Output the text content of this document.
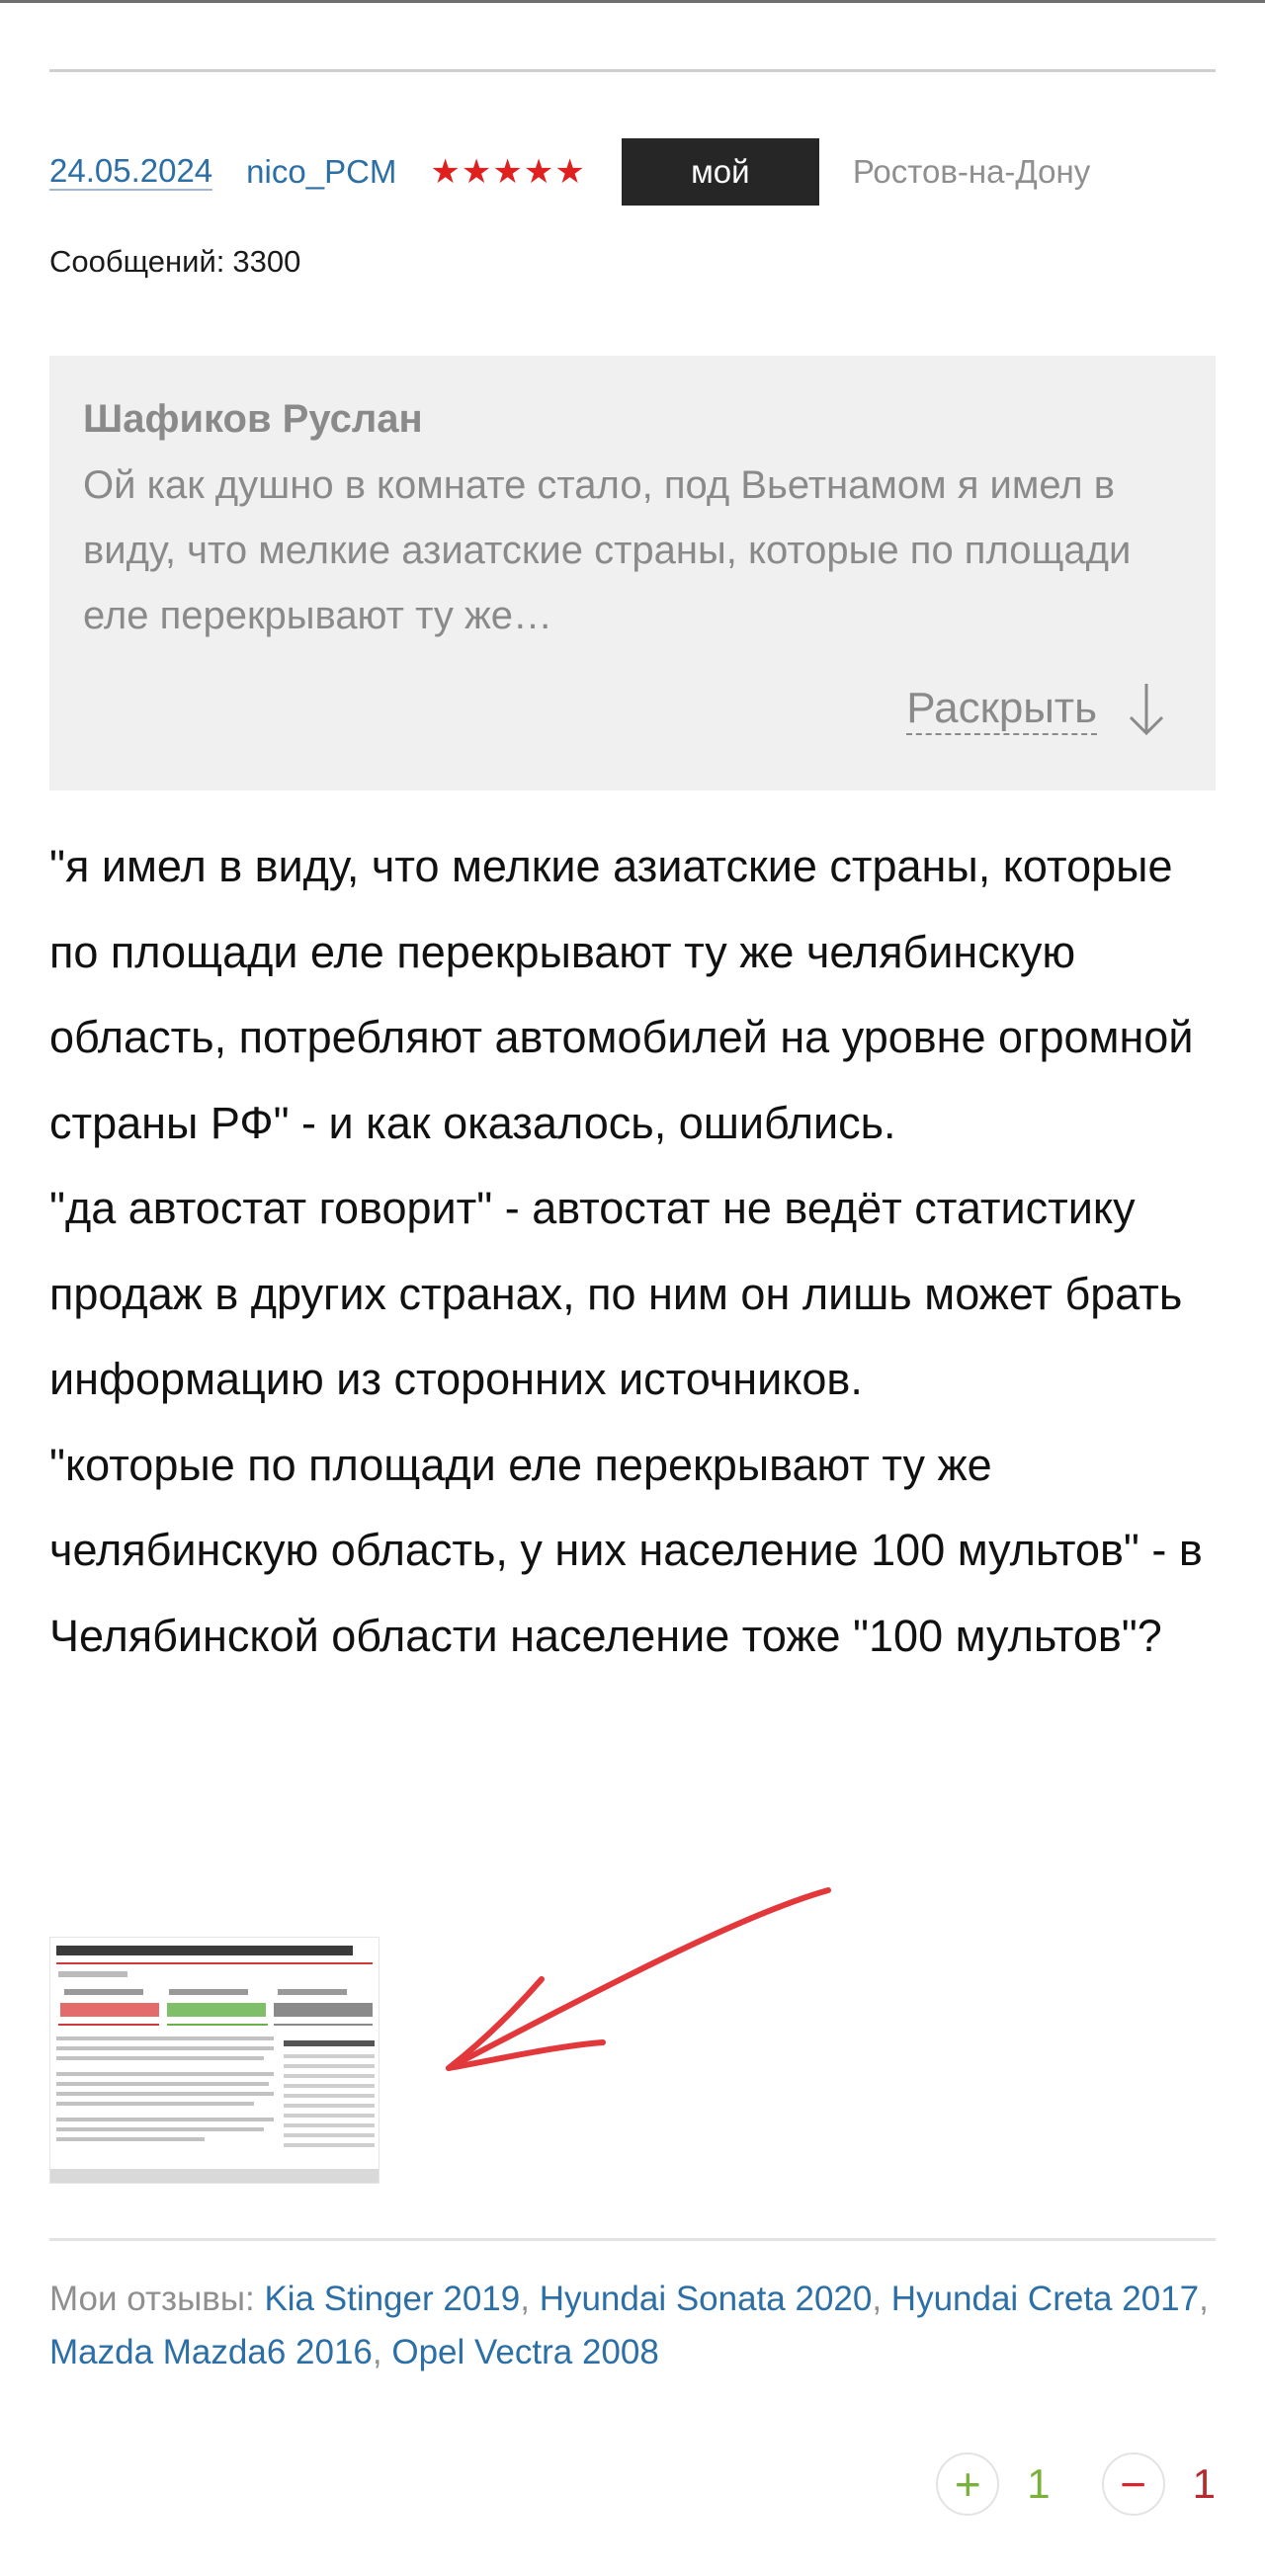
24.05.2024 nico_PCM ★ ★ ★ ★ ★	мой	Ростов-на-Дону
Сообщений: 3300
Шафиков Руслан
Ой как душно в комнате стало, под Вьетнамом я имел в виду, что мелкие азиатские страны, которые по площади еле перекрывают ту же…
Раскрыть

"я имел в виду, что мелкие азиатские страны, которые по площади еле перекрывают ту же челябинскую область, потребляют автомобилей на уровне огромной страны РФ" - и как оказалось, ошиблись.

"да автостат говорит" - автостат не ведёт статистику продаж в других странах, по ним он лишь может брать информацию из сторонних источников.

"которые по площади еле перекрывают ту же челябинскую область, у них население 100 мультов" - в Челябинской области население тоже "100 мультов"?

Мои отзывы: Kia Stinger 2019, Hyundai Sonata 2020, Hyundai Creta 2017, Mazda Mazda6 2016, Opel Vectra 2008
+	1	−	1
